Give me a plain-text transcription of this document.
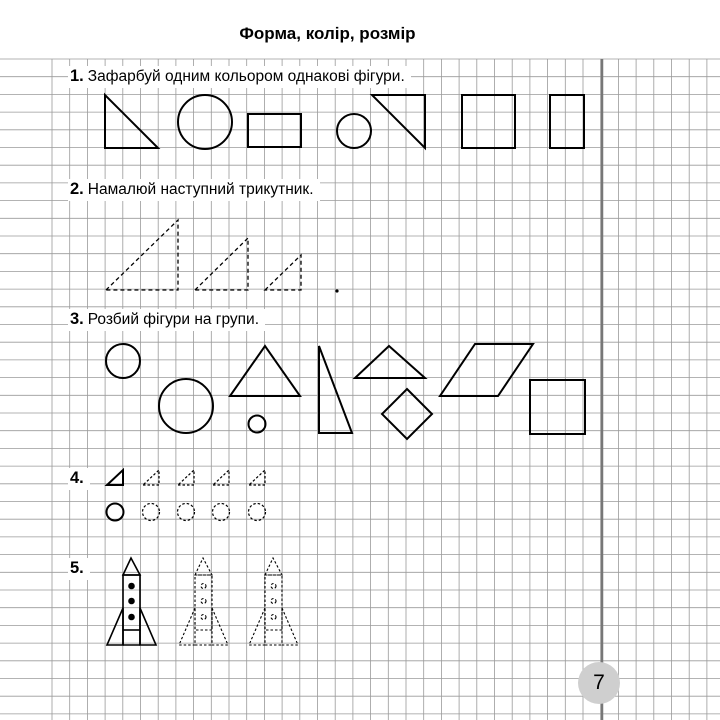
Форма, колір, розмір
1. Зафарбуй одним кольором однакові фігури.
2. Намалюй наступний трикутник.
3. Розбий фігури на групи.
4.
5.
7
